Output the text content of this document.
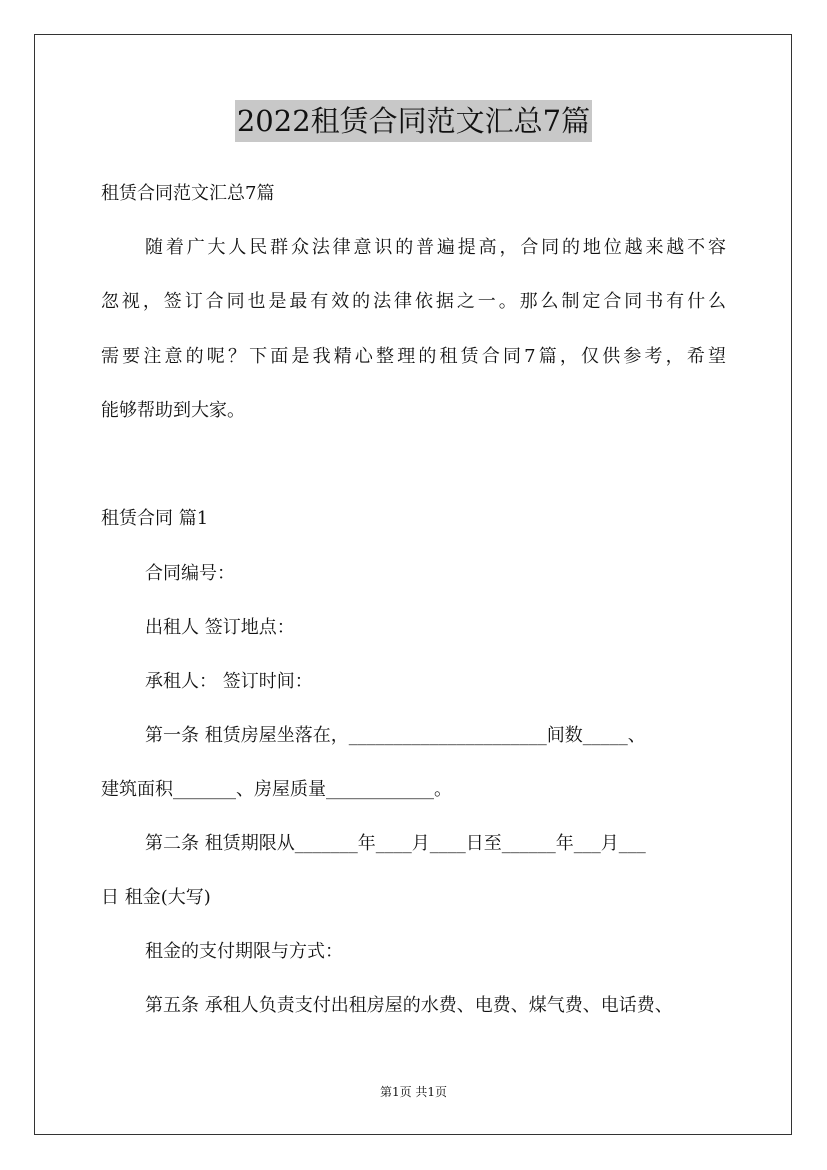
2022租赁合同范文汇总7篇
租赁合同范文汇总7篇
随着广大人民群众法律意识的普遍提高，合同的地位越来越不容
忽视，签订合同也是最有效的法律依据之一。那么制定合同书有什么
需要注意的呢？下面是我精心整理的租赁合同7篇，仅供参考，希望
能够帮助到大家。
租赁合同 篇1
合同编号：
出租人 签订地点：
承租人： 签订时间：
第一条 租赁房屋坐落在，______________________间数_____、
建筑面积_______、房屋质量____________。
第二条 租赁期限从_______年____月____日至______年___月___
日 租金(大写)
租金的支付期限与方式：
第五条 承租人负责支付出租房屋的水费、电费、煤气费、电话费、
第1页 共1页
